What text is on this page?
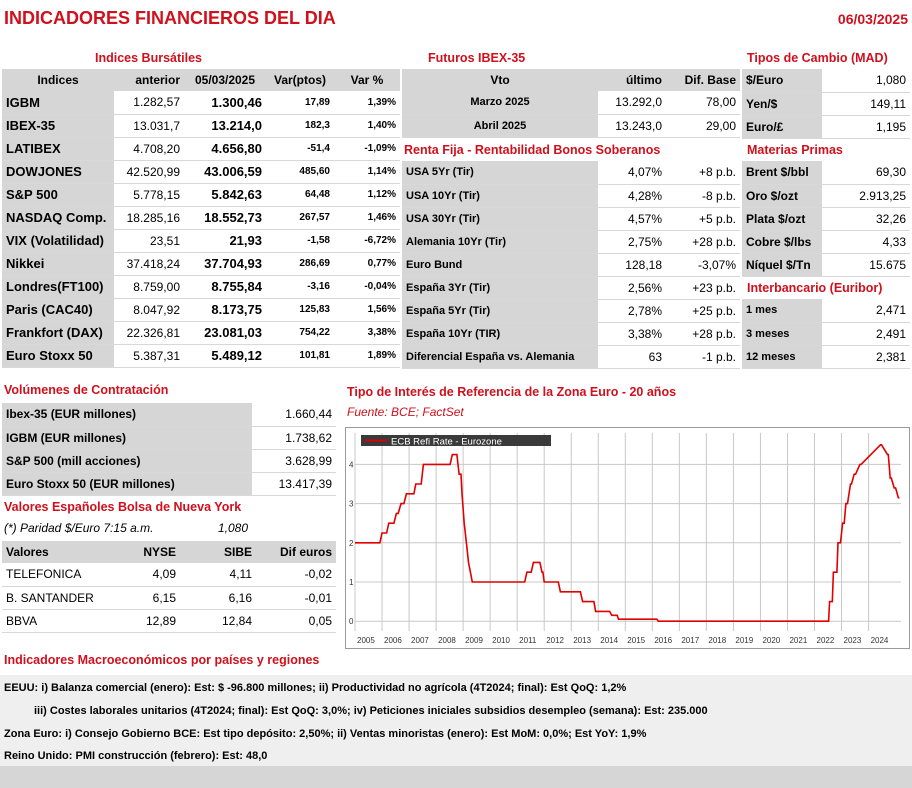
INDICADORES FINANCIEROS DEL DIA	06/03/2025
Indices Bursátiles	Futuros IBEX-35	Tipos de Cambio (MAD)
Indices	anterior	05/03/2025	Var(ptos)	Var %
IGBM	1.282,57	1.300,46	17,89	1,39%
IBEX-35	13.031,7	13.214,0	182,3	1,40%
LATIBEX	4.708,20	4.656,80	-51,4	-1,09%
DOWJONES	42.520,99	43.006,59	485,60	1,14%
S&P 500	5.778,15	5.842,63	64,48	1,12%
NASDAQ Comp.	18.285,16	18.552,73	267,57	1,46%
VIX (Volatilidad)	23,51	21,93	-1,58	-6,72%
Nikkei	37.418,24	37.704,93	286,69	0,77%
Londres(FT100)	8.759,00	8.755,84	-3,16	-0,04%
Paris (CAC40)	8.047,92	8.173,75	125,83	1,56%
Frankfort (DAX)	22.326,81	23.081,03	754,22	3,38%
Euro Stoxx 50	5.387,31	5.489,12	101,81	1,89%
Vto	último	Dif. Base
Marzo 2025	13.292,0	78,00
Abril 2025	13.243,0	29,00
Renta Fija - Rentabilidad Bonos Soberanos
USA 5Yr (Tir)	4,07%	+8 p.b.
USA 10Yr (Tir)	4,28%	-8 p.b.
USA 30Yr (Tir)	4,57%	+5 p.b.
Alemania 10Yr (Tir)	2,75%	+28 p.b.
Euro Bund	128,18	-3,07%
España 3Yr (Tir)	2,56%	+23 p.b.
España 5Yr (Tir)	2,78%	+25 p.b.
España 10Yr (TIR)	3,38%	+28 p.b.
Diferencial España vs. Alemania	63	-1 p.b.
$/Euro	1,080
Yen/$	149,11
Euro/£	1,195
Materias Primas
Brent $/bbl	69,30
Oro $/ozt	2.913,25
Plata $/ozt	32,26
Cobre $/lbs	4,33
Níquel $/Tn	15.675
Interbancario (Euribor)
1 mes	2,471
3 meses	2,491
12 meses	2,381
Volúmenes de Contratación
Ibex-35 (EUR millones)	1.660,44
IGBM (EUR millones)	1.738,62
S&P 500 (mill acciones)	3.628,99
Euro Stoxx 50 (EUR millones)	13.417,39
Valores Españoles Bolsa de Nueva York
(*) Paridad $/Euro 7:15 a.m.	1,080
Valores	NYSE	SIBE	Dif euros
TELEFONICA	4,09	4,11	-0,02
B. SANTANDER	6,15	6,16	-0,01
BBVA	12,89	12,84	0,05
Tipo de Interés de Referencia de la Zona Euro - 20 años
Fuente: BCE; FactSet
0
1
2
3
4
2005 2006 2007 2008 2009 2010 2011 2012 2013 2014 2015 2016 2017 2018 2019 2020 2021 2022 2023 2024
ECB Refi Rate - Eurozone
Indicadores Macroeconómicos por países y regiones
EEUU: i) Balanza comercial (enero): Est: $ -96.800 millones; ii) Productividad no agrícola (4T2024; final): Est QoQ: 1,2%
iii) Costes laborales unitarios (4T2024; final): Est QoQ: 3,0%; iv) Peticiones iniciales subsidios desempleo (semana): Est: 235.000
Zona Euro: i) Consejo Gobierno BCE: Est tipo depósito: 2,50%; ii) Ventas minoristas (enero): Est MoM: 0,0%; Est YoY: 1,9%
Reino Unido: PMI construcción (febrero): Est: 48,0
